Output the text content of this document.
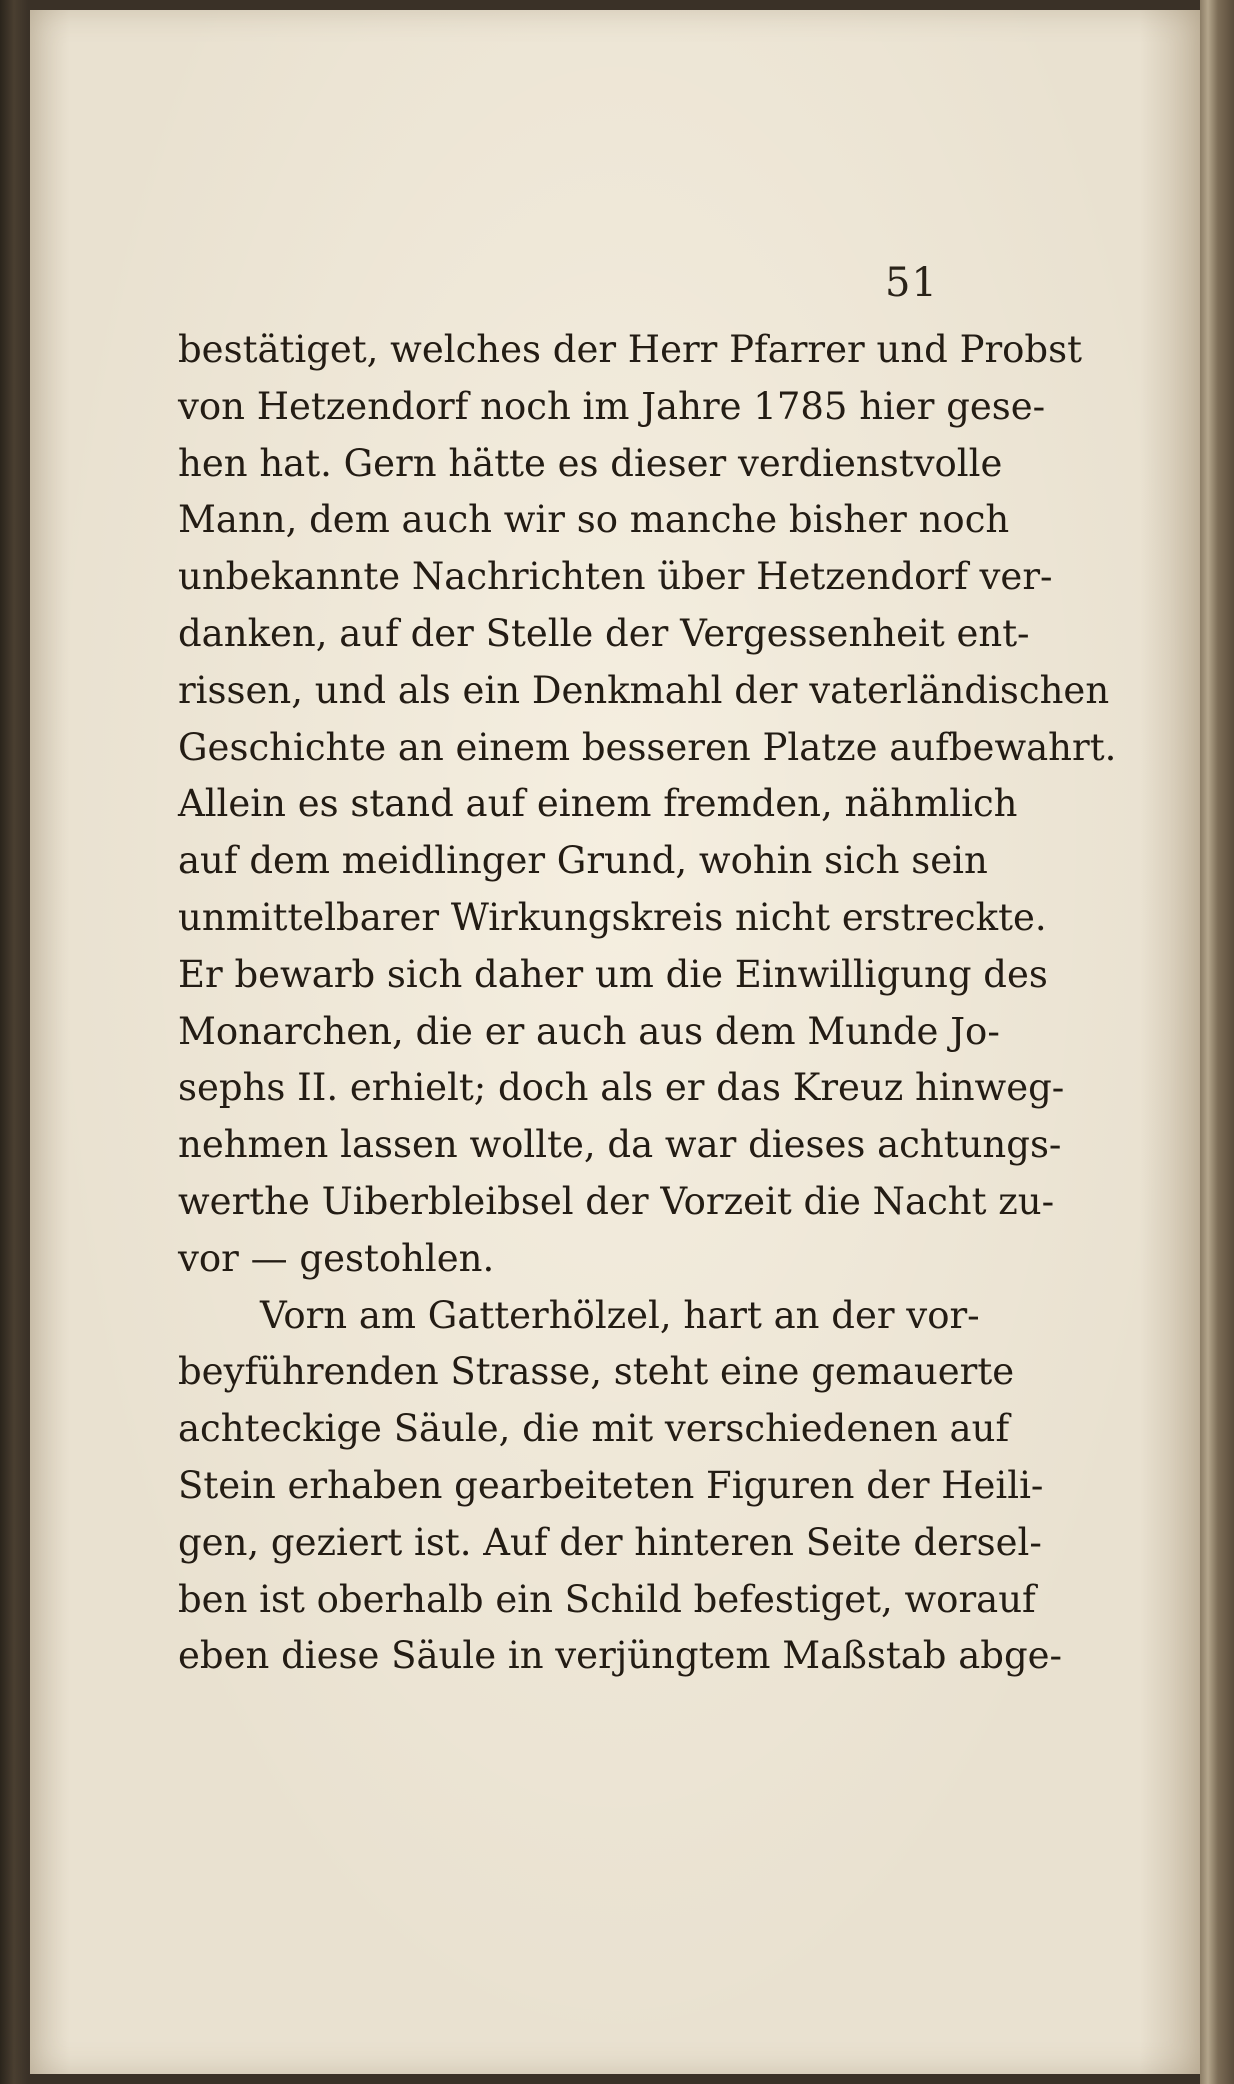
51
bestätiget, welches der Herr Pfarrer und Probst
von Hetzendorf noch im Jahre 1785 hier gese-
hen hat. Gern hätte es dieser verdienstvolle
Mann, dem auch wir so manche bisher noch
unbekannte Nachrichten über Hetzendorf ver-
danken, auf der Stelle der Vergessenheit ent-
rissen, und als ein Denkmahl der vaterländischen
Geschichte an einem besseren Platze aufbewahrt.
Allein es stand auf einem fremden, nähmlich
auf dem meidlinger Grund, wohin sich sein
unmittelbarer Wirkungskreis nicht erstreckte.
Er bewarb sich daher um die Einwilligung des
Monarchen, die er auch aus dem Munde Jo-
sephs II. erhielt; doch als er das Kreuz hinweg-
nehmen lassen wollte, da war dieses achtungs-
werthe Uiberbleibsel der Vorzeit die Nacht zu-
vor — gestohlen.
Vorn am Gatterhölzel, hart an der vor-
beyführenden Strasse, steht eine gemauerte
achteckige Säule, die mit verschiedenen auf
Stein erhaben gearbeiteten Figuren der Heili-
gen, geziert ist. Auf der hinteren Seite dersel-
ben ist oberhalb ein Schild befestiget, worauf
eben diese Säule in verjüngtem Maßstab abge-
